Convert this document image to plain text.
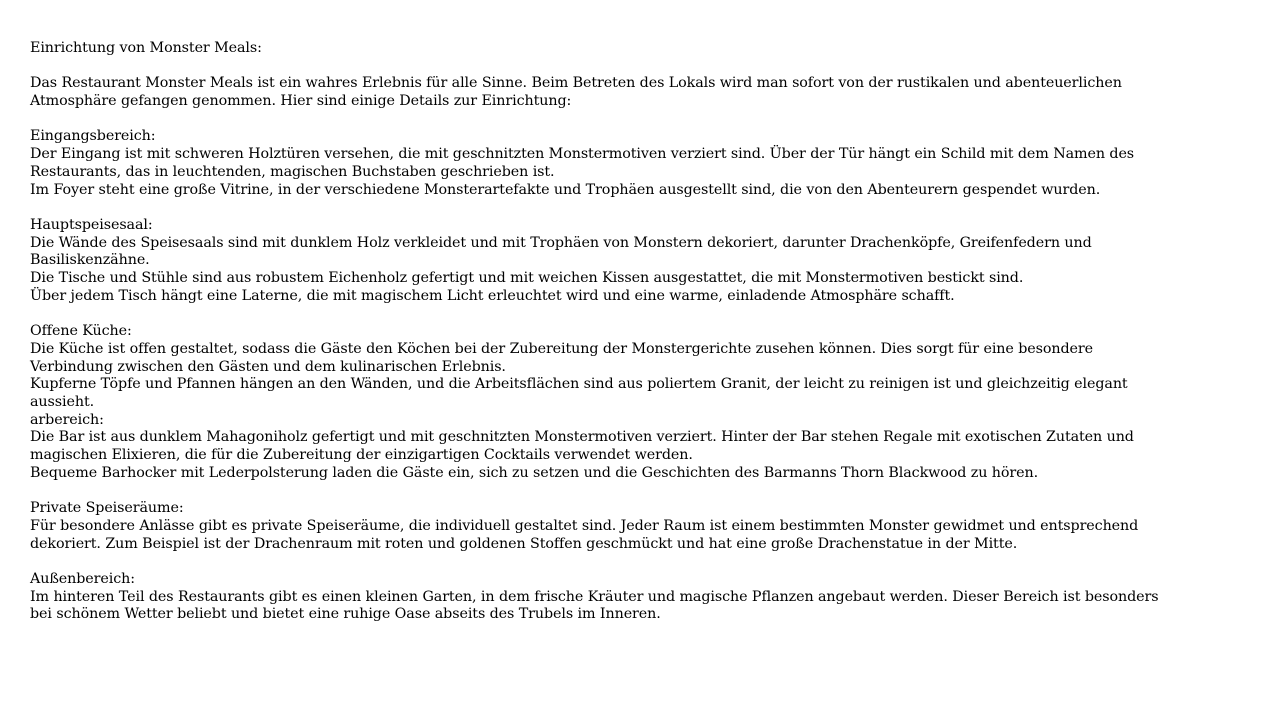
Einrichtung von Monster Meals:
Das Restaurant Monster Meals ist ein wahres Erlebnis für alle Sinne. Beim Betreten des Lokals wird man sofort von der rustikalen und abenteuerlichen Atmosphäre gefangen genommen. Hier sind einige Details zur Einrichtung:
Eingangsbereich:
Der Eingang ist mit schweren Holztüren versehen, die mit geschnitzten Monstermotiven verziert sind. Über der Tür hängt ein Schild mit dem Namen des Restaurants, das in leuchtenden, magischen Buchstaben geschrieben ist.
Im Foyer steht eine große Vitrine, in der verschiedene Monsterartefakte und Trophäen ausgestellt sind, die von den Abenteurern gespendet wurden.
Hauptspeisesaal:
Die Wände des Speisesaals sind mit dunklem Holz verkleidet und mit Trophäen von Monstern dekoriert, darunter Drachenköpfe, Greifenfedern und Basiliskenzähne.
Die Tische und Stühle sind aus robustem Eichenholz gefertigt und mit weichen Kissen ausgestattet, die mit Monstermotiven bestickt sind.
Über jedem Tisch hängt eine Laterne, die mit magischem Licht erleuchtet wird und eine warme, einladende Atmosphäre schafft.
Offene Küche:
Die Küche ist offen gestaltet, sodass die Gäste den Köchen bei der Zubereitung der Monstergerichte zusehen können. Dies sorgt für eine besondere Verbindung zwischen den Gästen und dem kulinarischen Erlebnis.
Kupferne Töpfe und Pfannen hängen an den Wänden, und die Arbeitsflächen sind aus poliertem Granit, der leicht zu reinigen ist und gleichzeitig elegant aussieht.
arbereich:
Die Bar ist aus dunklem Mahagoniholz gefertigt und mit geschnitzten Monstermotiven verziert. Hinter der Bar stehen Regale mit exotischen Zutaten und magischen Elixieren, die für die Zubereitung der einzigartigen Cocktails verwendet werden.
Bequeme Barhocker mit Lederpolsterung laden die Gäste ein, sich zu setzen und die Geschichten des Barmanns Thorn Blackwood zu hören.
Private Speiseräume:
Für besondere Anlässe gibt es private Speiseräume, die individuell gestaltet sind. Jeder Raum ist einem bestimmten Monster gewidmet und entsprechend dekoriert. Zum Beispiel ist der Drachenraum mit roten und goldenen Stoffen geschmückt und hat eine große Drachenstatue in der Mitte.
Außenbereich:
Im hinteren Teil des Restaurants gibt es einen kleinen Garten, in dem frische Kräuter und magische Pflanzen angebaut werden. Dieser Bereich ist besonders bei schönem Wetter beliebt und bietet eine ruhige Oase abseits des Trubels im Inneren.
